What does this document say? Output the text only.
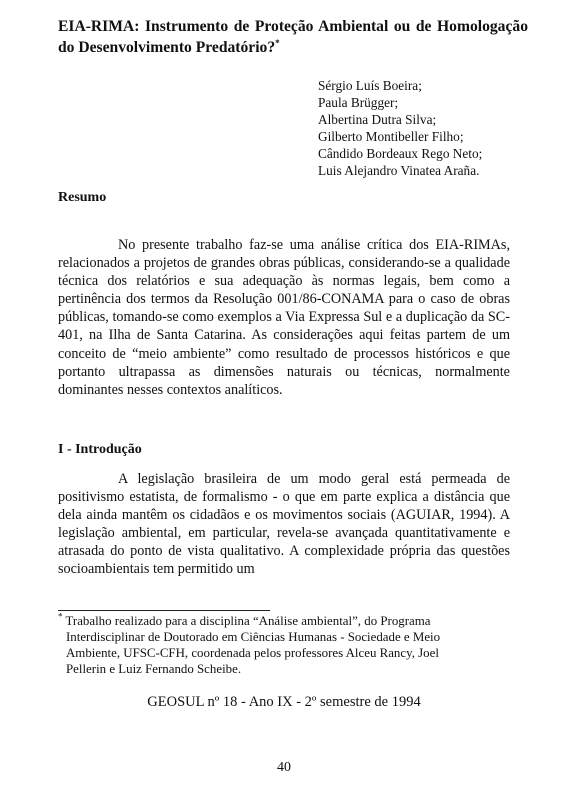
EIA-RIMA: Instrumento de Proteção Ambiental ou de Homologação do Desenvolvimento Predatório?*
Sérgio Luís Boeira;
Paula Brügger;
Albertina Dutra Silva;
Gilberto Montibeller Filho;
Cândido Bordeaux Rego Neto;
Luis Alejandro Vinatea Araña.
Resumo
No presente trabalho faz-se uma análise crítica dos EIA-RIMAs, relacionados a projetos de grandes obras públicas, considerando-se a qualidade técnica dos relatórios e sua adequação às normas legais, bem como a pertinência dos termos da Resolução 001/86-CONAMA para o caso de obras públicas, tomando-se como exemplos a Via Expressa Sul e a duplicação da SC-401, na Ilha de Santa Catarina. As considerações aqui feitas partem de um conceito de “meio ambiente” como resultado de processos históricos e que portanto ultrapassa as dimensões naturais ou técnicas, normalmente dominantes nesses contextos analíticos.
I - Introdução
A legislação brasileira de um modo geral está permeada de positivismo estatista, de formalismo - o que em parte explica a distância que dela ainda mantêm os cidadãos e os movimentos sociais (AGUIAR, 1994). A legislação ambiental, em particular, revela-se avançada quantitativamente e atrasada do ponto de vista qualitativo. A complexidade própria das questões socioambientais tem permitido um
* Trabalho realizado para a disciplina “Análise ambiental”, do Programa
Interdisciplinar de Doutorado em Ciências Humanas - Sociedade e Meio
Ambiente, UFSC-CFH, coordenada pelos professores Alceu Rancy, Joel
Pellerin e Luiz Fernando Scheibe.
GEOSUL nº 18 - Ano IX - 2º semestre de 1994
40
